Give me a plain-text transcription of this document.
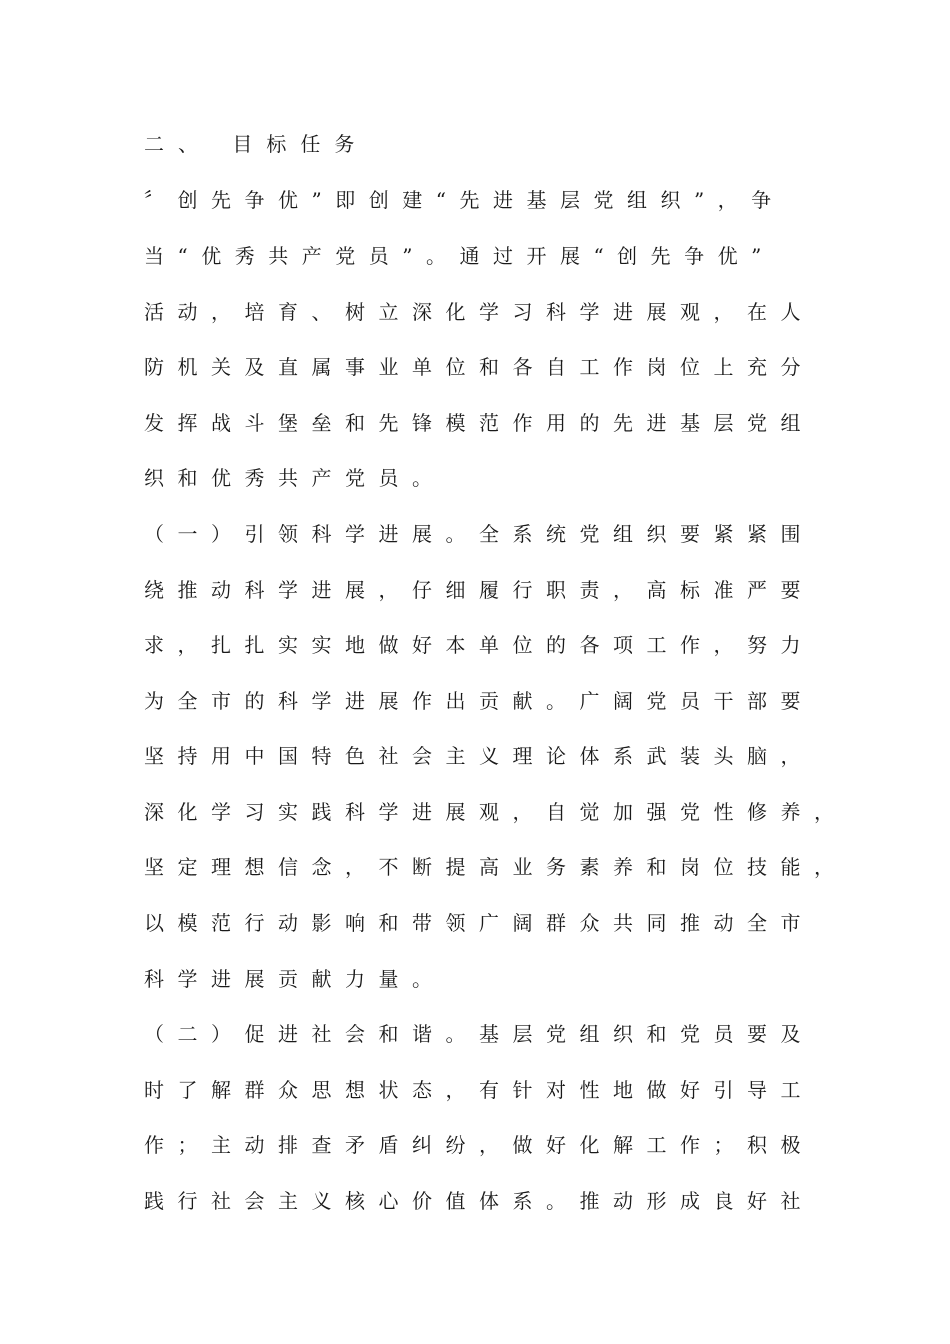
二、 目标任务
〞创先争优”即创建“先进基层党组织”，争
当“优秀共产党员”。通过开展“创先争优”
活动，培育、树立深化学习科学进展观，在人
防机关及直属事业单位和各自工作岗位上充分
发挥战斗堡垒和先锋模范作用的先进基层党组
织和优秀共产党员。
（一）引领科学进展。全系统党组织要紧紧围
绕推动科学进展，仔细履行职责，高标准严要
求，扎扎实实地做好本单位的各项工作，努力
为全市的科学进展作出贡献。广阔党员干部要
坚持用中国特色社会主义理论体系武装头脑，
深化学习实践科学进展观，自觉加强党性修养，
坚定理想信念，不断提高业务素养和岗位技能，
以模范行动影响和带领广阔群众共同推动全市
科学进展贡献力量。
（二）促进社会和谐。基层党组织和党员要及
时了解群众思想状态，有针对性地做好引导工
作；主动排查矛盾纠纷，做好化解工作；积极
践行社会主义核心价值体系。推动形成良好社
